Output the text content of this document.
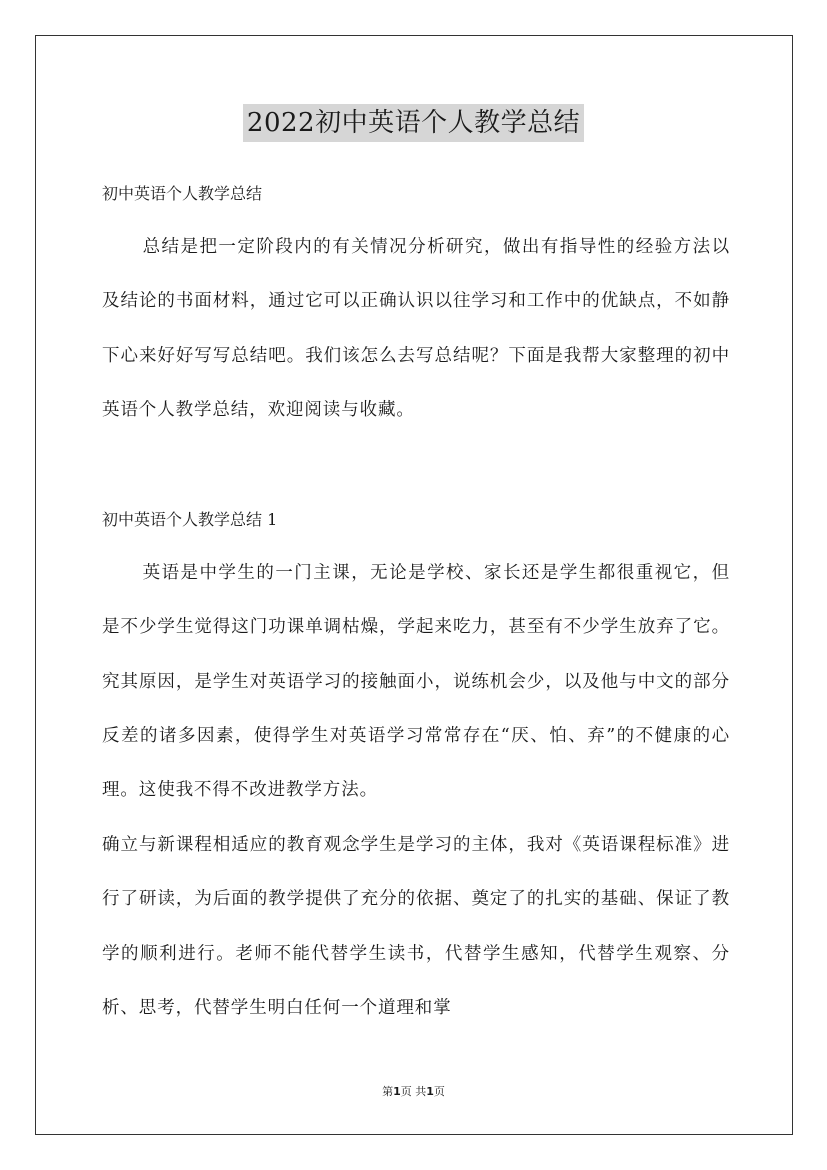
2022初中英语个人教学总结
初中英语个人教学总结
总结是把一定阶段内的有关情况分析研究，做出有指导性的经验方法以及结论的书面材料，通过它可以正确认识以往学习和工作中的优缺点，不如静下心来好好写写总结吧。我们该怎么去写总结呢？下面是我帮大家整理的初中英语个人教学总结，欢迎阅读与收藏。
初中英语个人教学总结 1
英语是中学生的一门主课，无论是学校、家长还是学生都很重视它，但是不少学生觉得这门功课单调枯燥，学起来吃力，甚至有不少学生放弃了它。究其原因，是学生对英语学习的接触面小，说练机会少，以及他与中文的部分反差的诸多因素，使得学生对英语学习常常存在“厌、怕、弃”的不健康的心理。这使我不得不改进教学方法。
确立与新课程相适应的教育观念学生是学习的主体，我对《英语课程标准》进行了研读，为后面的教学提供了充分的依据、奠定了的扎实的基础、保证了教学的顺利进行。老师不能代替学生读书，代替学生感知，代替学生观察、分析、思考，代替学生明白任何一个道理和掌
第1页 共1页
